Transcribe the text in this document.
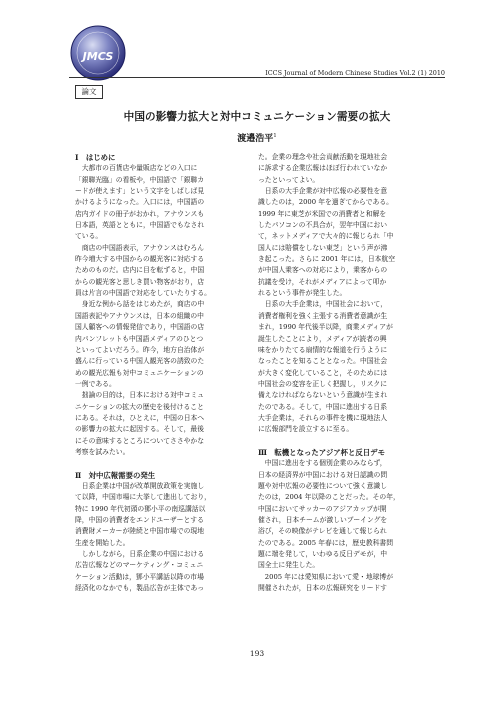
JMCS
ICCS Journal of Modern Chinese Studies Vol.2 (1) 2010
論文
中国の影響力拡大と対中コミュニケーション需要の拡大
渡邉浩平$^1$

Ⅰ　はじめに

　大都市の百貨店や量販店などの入口に

「銀聯光臨」の看板や，中国語で「銀聯カ

ードが使えます」という文字をしばしば見

かけるようになった。入口には，中国語の

店内ガイドの冊子がおかれ，アナウンスも

日本語，英語とともに，中国語でもなされ

ている。

　商店の中国語表示，アナウンスはむろん

昨今増大する中国からの観光客に対応する

ためのものだ。店内に目を転ずると，中国

からの観光客と思しき買い物客がおり，店

員は片言の中国語で対応をしていたりする。

　身近な例から話をはじめたが，商店の中

国語表記やアナウンスは，日本の組織の中

国人顧客への情報発信であり，中国語の店

内パンフレットも中国語メディアのひとつ

といってよいだろう。昨今，地方自治体が

盛んに行っている中国人観光客の誘致のた

めの観光広報も対中コミュニケーションの

一例である。

　拙論の目的は，日本における対中コミュ

ニケーションの拡大の歴史を後付けること

にある。それは，ひとえに，中国の日本へ

の影響力の拡大に起因する。そして，最後

にその意味するところについてささやかな

考察を試みたい。

Ⅱ　対中広報需要の発生

　日系企業は中国が改革開放政策を実施し

て以降，中国市場に大挙して進出しており，

特に 1990 年代初頭の鄧小平の南巡講話以

降，中国の消費者をエンドユーザーとする

消費財メーカーが陸続と中国市場での現地

生産を開始した。

　しかしながら，日系企業の中国における

広告広報などのマーケティング・コミュニ

ケーション活動は，鄧小平講話以降の市場

経済化のなかでも，製品広告が主体であっ

た。企業の理念や社会貢献活動を現地社会

に訴求する企業広報はほぼ行われていなか

ったといってよい。

　日系の大手企業が対中広報の必要性を意

識したのは，2000 年を過ぎてからである。

1999 年に東芝が米国での消費者と和解を

したパソコンの不具合が，翌年中国におい

て，ネットメディアで大々的に報じられ「中

国人には賠償をしない東芝」という声が沸

き起こった。さらに 2001 年には，日本航空

が中国人乗客への対応により，乗客からの

抗議を受け，それがメディアによって叩か

れるという事件が発生した。

　日系の大手企業は，中国社会において，

消費者権利を強く主張する消費者意識が生

まれ，1990 年代後半以降，商業メディアが

誕生したことにより，メディアが読者の興

味をかりたてる扇情的な報道を行うように

なったことを知ることとなった。中国社会

が大きく変化していること，そのためには

中国社会の変容を正しく把握し，リスクに

備えなければならないという意識が生まれ

たのである。そして，中国に進出する日系

大手企業は，それらの事件を機に現地法人

に広報部門を設立するに至る。

Ⅲ　転機となったアジア杯と反日デモ

　中国に進出をする個別企業のみならず，

日本の経済界が中国における対日認識の問

題や対中広報の必要性について強く意識し

たのは，2004 年以降のことだった。その年，

中国においてサッカーのアジアカップが開

催され，日本チームが激しいブーイングを

浴び，その映像がテレビを通して報じられ

たのである。2005 年春には，歴史教科書問

題に端を発して，いわゆる反日デモが，中

国全土に発生した。

　2005 年には愛知県において愛・地球博が

開催されたが，日本の広報研究をリードす

193
